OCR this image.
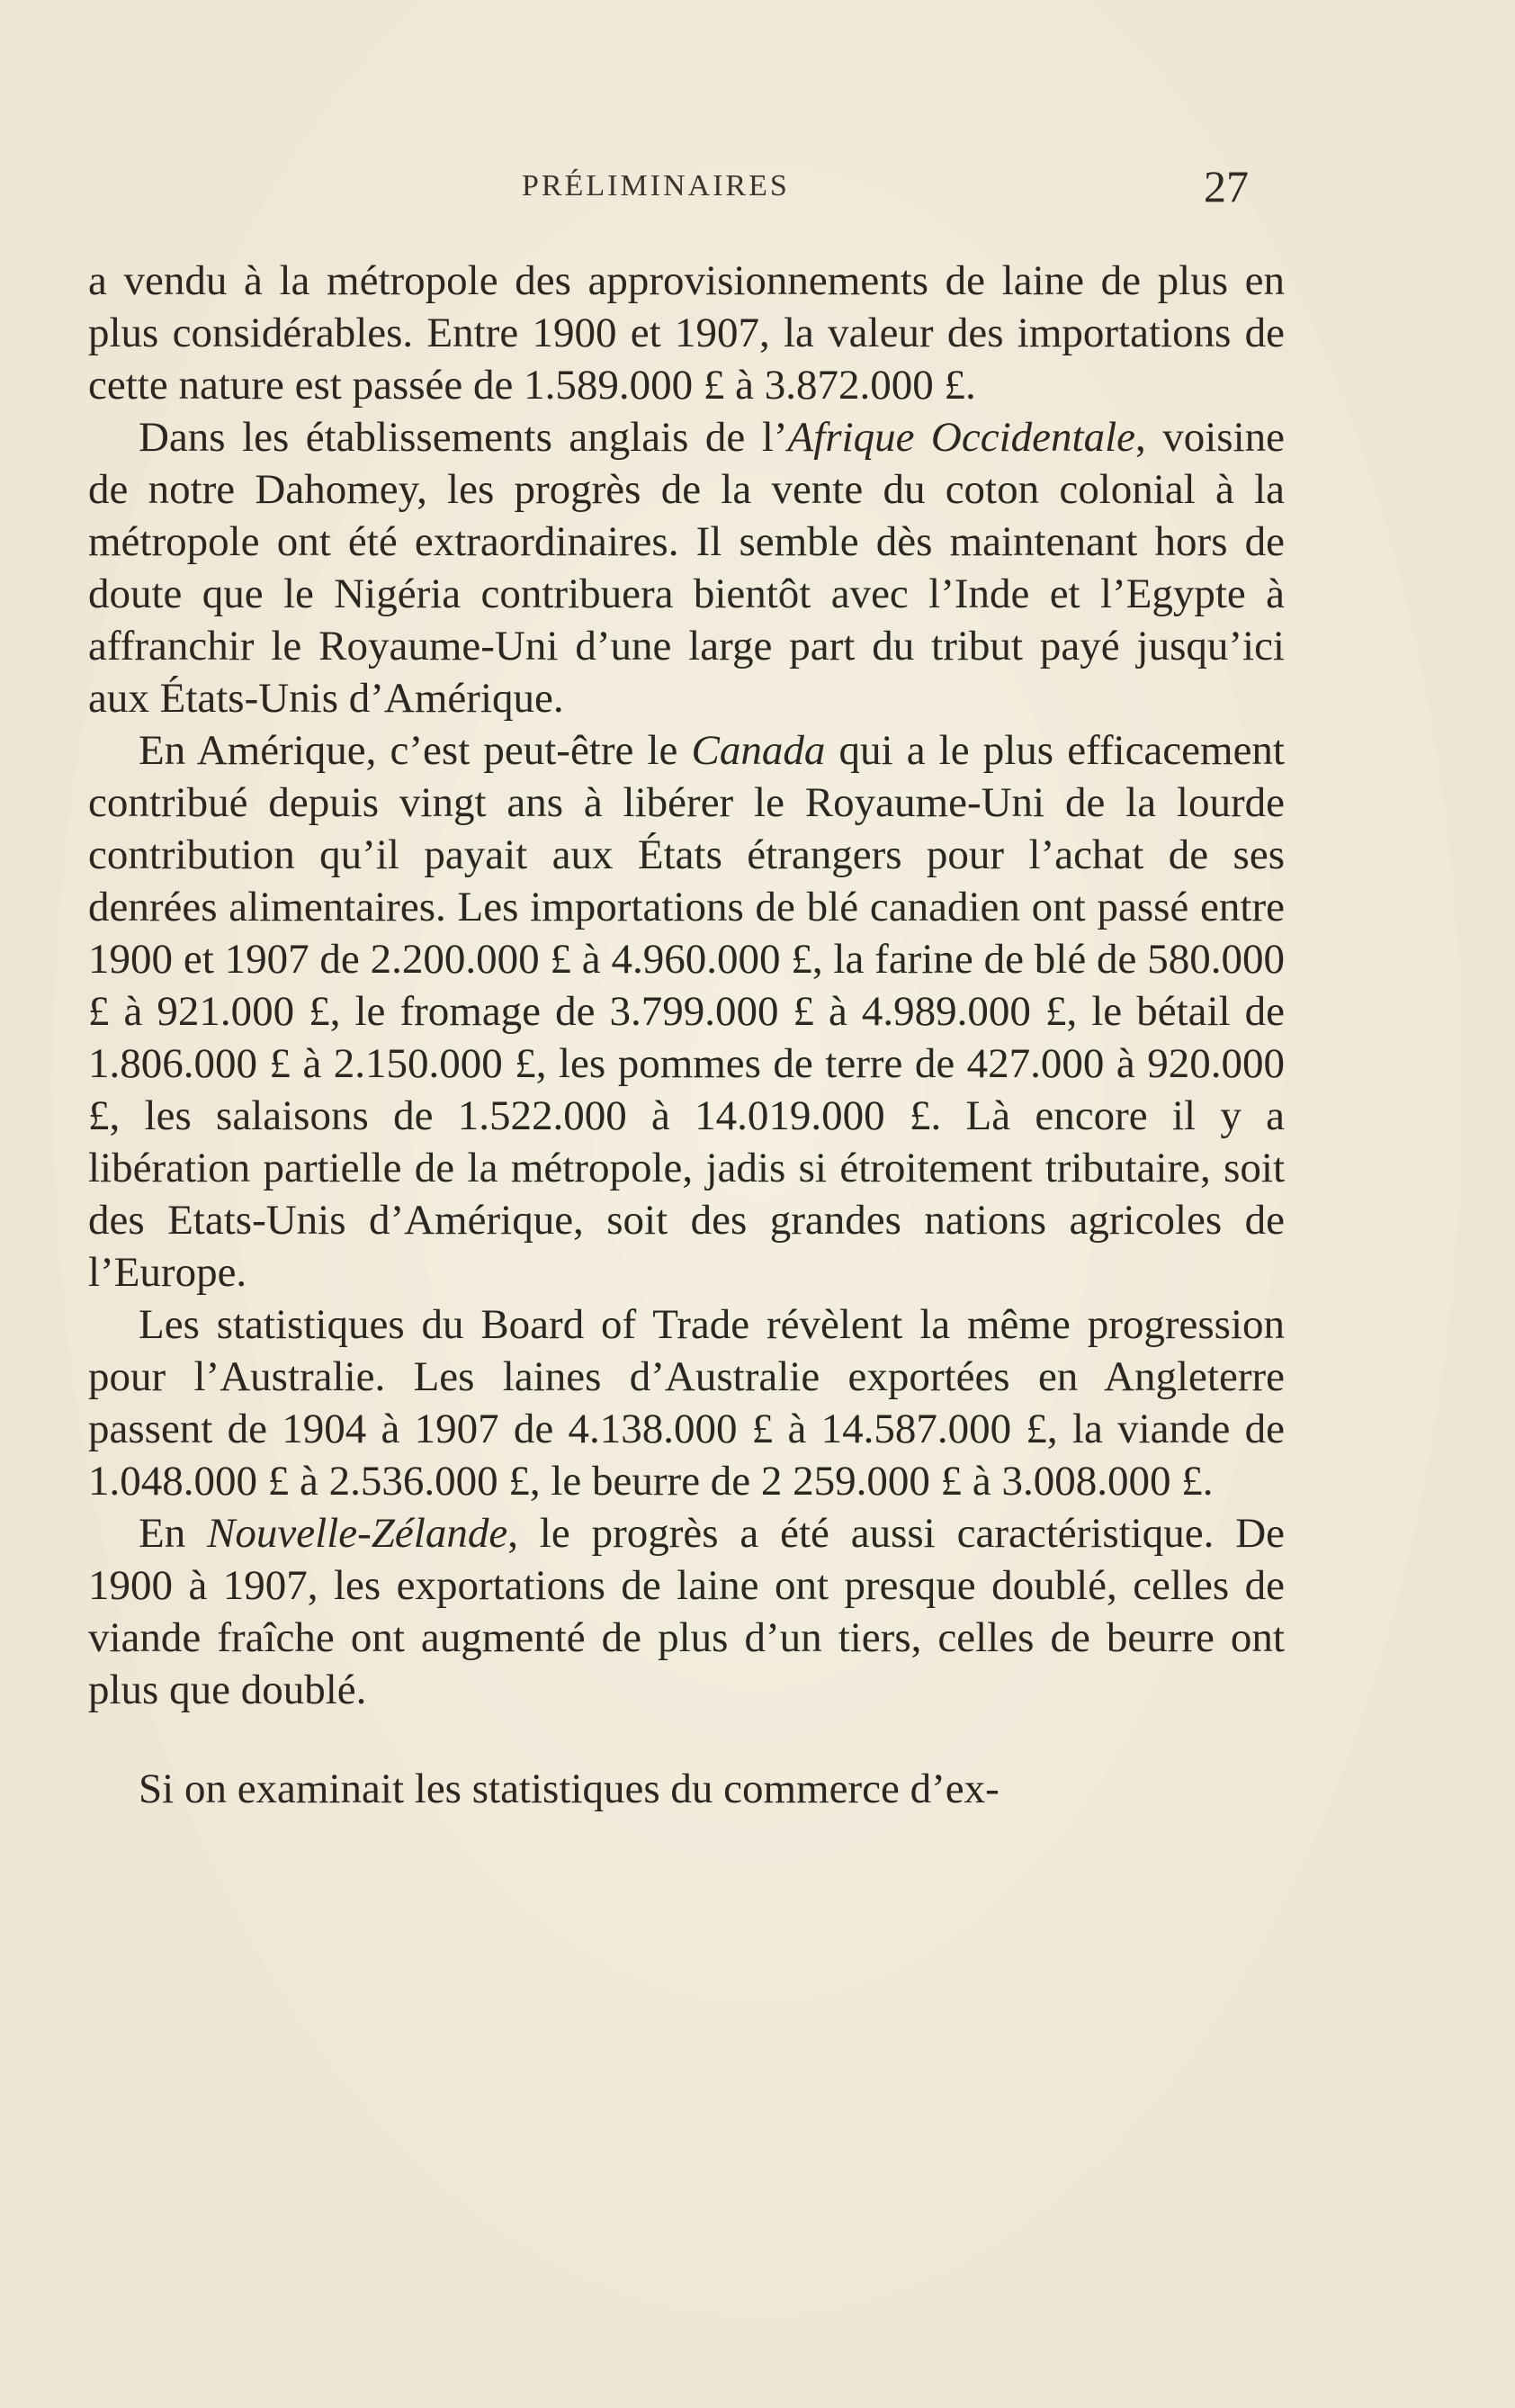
PRÉLIMINAIRES	27

a vendu à la métropole des approvisionnements de laine de plus en plus considérables. Entre 1900 et 1907, la valeur des importations de cette nature est passée de 1.589.000 £ à 3.872.000 £.

Dans les établissements anglais de l’Afrique Occidentale, voisine de notre Dahomey, les progrès de la vente du coton colonial à la métropole ont été extraordinaires. Il semble dès maintenant hors de doute que le Nigéria contribuera bientôt avec l’Inde et l’Egypte à affranchir le Royaume-Uni d’une large part du tribut payé jusqu’ici aux États-Unis d’Amérique.

En Amérique, c’est peut-être le Canada qui a le plus efficacement contribué depuis vingt ans à libérer le Royaume-Uni de la lourde contribution qu’il payait aux États étrangers pour l’achat de ses denrées alimentaires. Les importations de blé canadien ont passé entre 1900 et 1907 de 2.200.000 £ à 4.960.000 £, la farine de blé de 580.000 £ à 921.000 £, le fromage de 3.799.000 £ à 4.989.000 £, le bétail de 1.806.000 £ à 2.150.000 £, les pommes de terre de 427.000 à 920.000 £, les salaisons de 1.522.000 à 14.019.000 £. Là encore il y a libération partielle de la métropole, jadis si étroitement tributaire, soit des Etats-Unis d’Amérique, soit des grandes nations agricoles de l’Europe.

Les statistiques du Board of Trade révèlent la même progression pour l’Australie. Les laines d’Australie exportées en Angleterre passent de 1904 à 1907 de 4.138.000 £ à 14.587.000 £, la viande de 1.048.000 £ à 2.536.000 £, le beurre de 2 259.000 £ à 3.008.000 £.

En Nouvelle-Zélande, le progrès a été aussi caractéristique. De 1900 à 1907, les exportations de laine ont presque doublé, celles de viande fraîche ont augmenté de plus d’un tiers, celles de beurre ont plus que doublé.

Si on examinait les statistiques du commerce d’ex-
